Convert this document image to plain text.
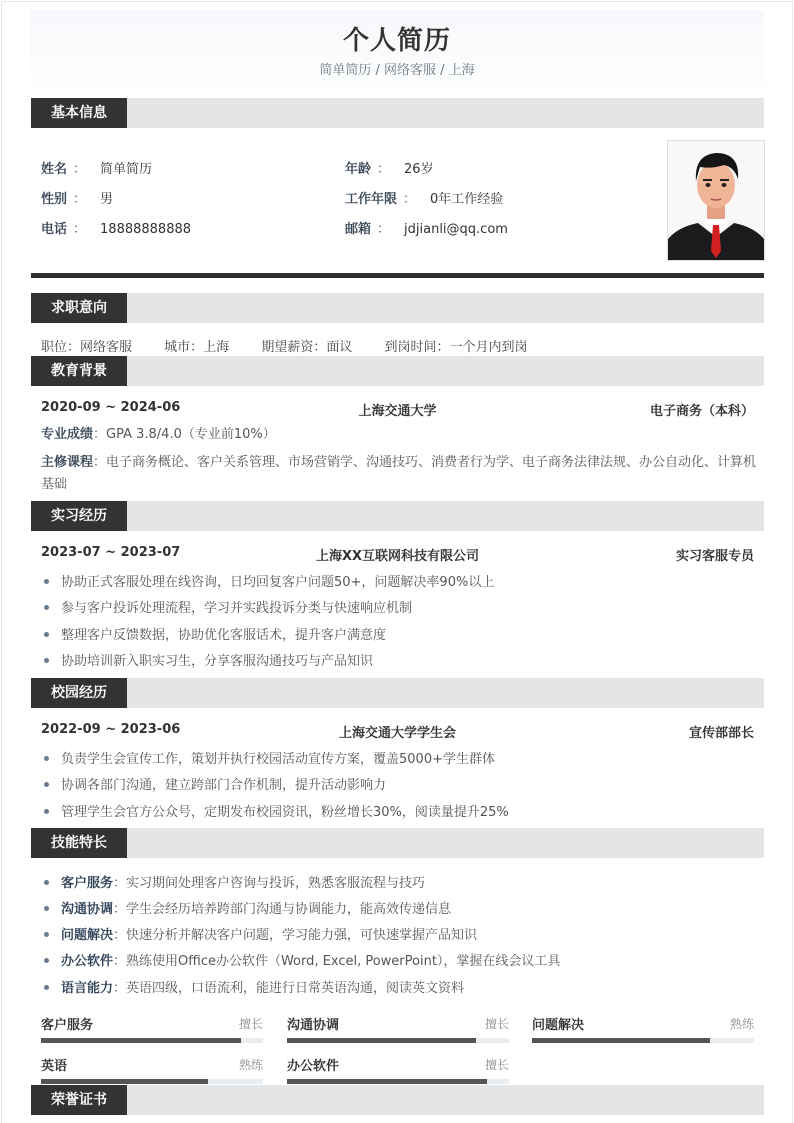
个人简历
简单简历 / 网络客服 / 上海
基本信息
姓名 ： 简单简历
性别 ： 男
电话 ： 18888888888
年龄 ： 26岁
工作年限 ： 0年工作经验
邮箱 ： jdjianli@qq.com
求职意向
职位：网络客服 城市：上海 期望薪资：面议 到岗时间：一个月内到岗
教育背景
2020-09 ~ 2024-06	上海交通大学	电子商务（本科）
专业成绩：GPA 3.8/4.0（专业前10%）
主修课程：电子商务概论、客户关系管理、市场营销学、沟通技巧、消费者行为学、电子商务法律法规、办公自动化、计算机基础
实习经历
2023-07 ~ 2023-07	上海XX互联网科技有限公司	实习客服专员
协助正式客服处理在线咨询，日均回复客户问题50+，问题解决率90%以上
参与客户投诉处理流程，学习并实践投诉分类与快速响应机制
整理客户反馈数据，协助优化客服话术，提升客户满意度
协助培训新入职实习生，分享客服沟通技巧与产品知识
校园经历
2022-09 ~ 2023-06	上海交通大学学生会	宣传部部长
负责学生会宣传工作，策划并执行校园活动宣传方案，覆盖5000+学生群体
协调各部门沟通，建立跨部门合作机制，提升活动影响力
管理学生会官方公众号，定期发布校园资讯，粉丝增长30%，阅读量提升25%
技能特长
客户服务：实习期间处理客户咨询与投诉，熟悉客服流程与技巧
沟通协调：学生会经历培养跨部门沟通与协调能力，能高效传递信息
问题解决：快速分析并解决客户问题，学习能力强，可快速掌握产品知识
办公软件：熟练使用Office办公软件（Word, Excel, PowerPoint），掌握在线会议工具
语言能力：英语四级，口语流利，能进行日常英语沟通，阅读英文资料
客户服务	擅长 沟通协调	擅长 问题解决	熟练
英语	熟练 办公软件	擅长
荣誉证书
